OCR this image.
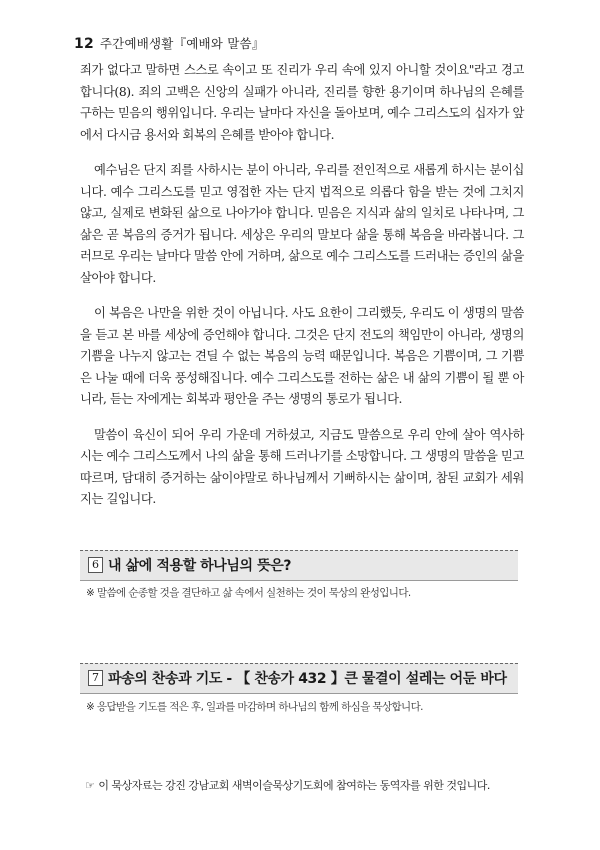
12 주간예배생활『예배와 말씀』

죄가 없다고 말하면 스스로 속이고 또 진리가 우리 속에 있지 아니할 것이요"라고 경고합니다(8). 죄의 고백은 신앙의 실패가 아니라, 진리를 향한 용기이며 하나님의 은혜를 구하는 믿음의 행위입니다. 우리는 날마다 자신을 돌아보며, 예수 그리스도의 십자가 앞에서 다시금 용서와 회복의 은혜를 받아야 합니다.

예수님은 단지 죄를 사하시는 분이 아니라, 우리를 전인적으로 새롭게 하시는 분이십니다. 예수 그리스도를 믿고 영접한 자는 단지 법적으로 의롭다 함을 받는 것에 그치지 않고, 실제로 변화된 삶으로 나아가야 합니다. 믿음은 지식과 삶의 일치로 나타나며, 그 삶은 곧 복음의 증거가 됩니다. 세상은 우리의 말보다 삶을 통해 복음을 바라봅니다. 그러므로 우리는 날마다 말씀 안에 거하며, 삶으로 예수 그리스도를 드러내는 증인의 삶을 살아야 합니다.

이 복음은 나만을 위한 것이 아닙니다. 사도 요한이 그리했듯, 우리도 이 생명의 말씀을 듣고 본 바를 세상에 증언해야 합니다. 그것은 단지 전도의 책임만이 아니라, 생명의 기쁨을 나누지 않고는 견딜 수 없는 복음의 능력 때문입니다. 복음은 기쁨이며, 그 기쁨은 나눌 때에 더욱 풍성해집니다. 예수 그리스도를 전하는 삶은 내 삶의 기쁨이 될 뿐 아니라, 듣는 자에게는 회복과 평안을 주는 생명의 통로가 됩니다.

말씀이 육신이 되어 우리 가운데 거하셨고, 지금도 말씀으로 우리 안에 살아 역사하시는 예수 그리스도께서 나의 삶을 통해 드러나기를 소망합니다. 그 생명의 말씀을 믿고 따르며, 담대히 증거하는 삶이야말로 하나님께서 기뻐하시는 삶이며, 참된 교회가 세워지는 길입니다.

6 내 삶에 적용할 하나님의 뜻은?
※ 말씀에 순종할 것을 결단하고 삶 속에서 실천하는 것이 묵상의 완성입니다.
7 파송의 찬송과 기도 - 【 찬송가 432 】큰 물결이 설레는 어둔 바다
※ 응답받을 기도를 적은 후, 일과를 마감하며 하나님의 함께 하심을 묵상합니다.
☞ 이 묵상자료는 강진 강남교회 새벽이슬묵상기도회에 참여하는 동역자를 위한 것입니다.
